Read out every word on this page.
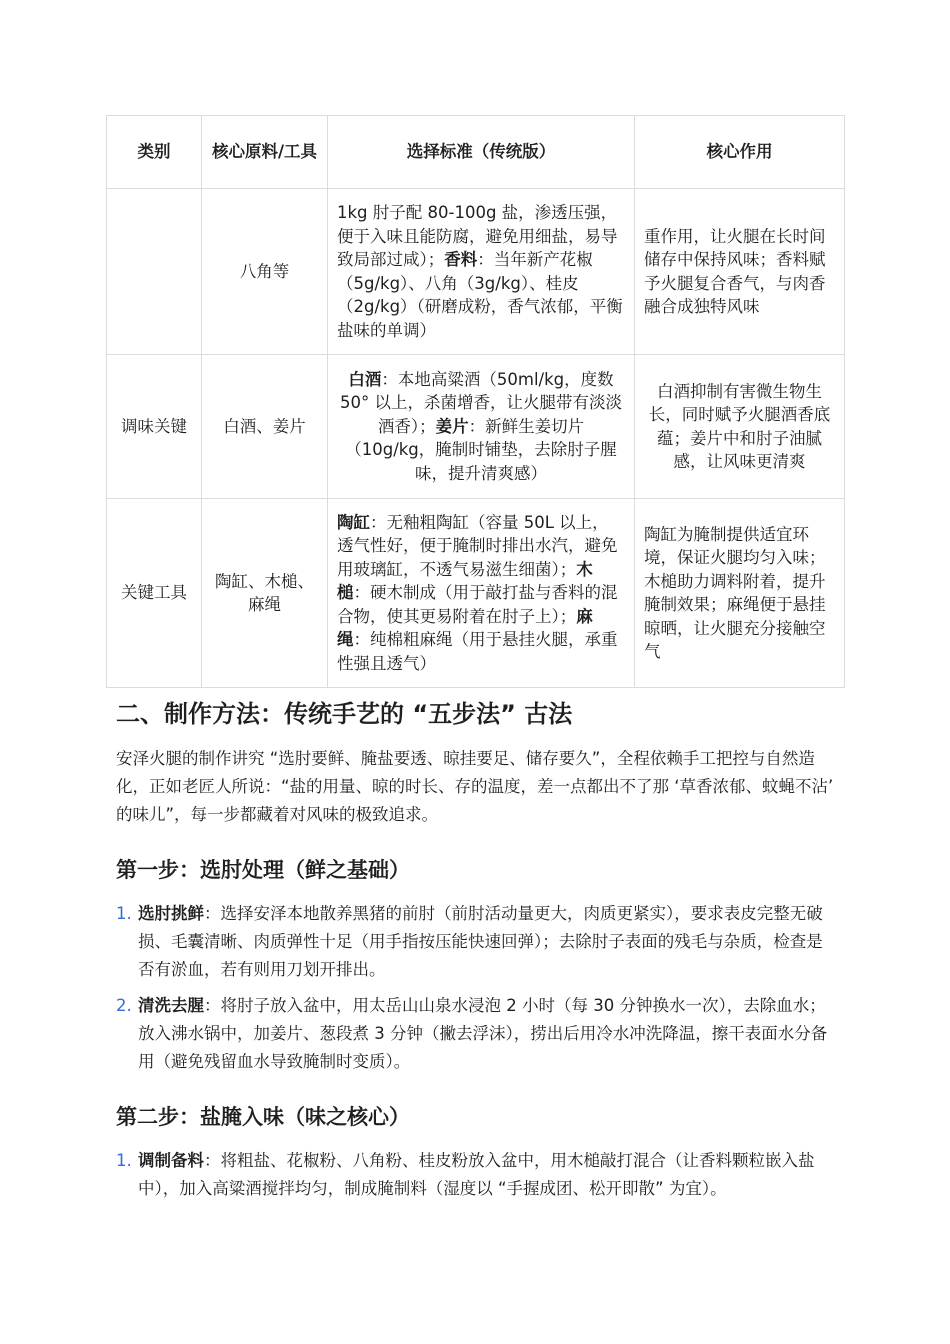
类别	核心原料/工具	选择标准（传统版）	核心作用
	八角等	1kg 肘子配 80-100g 盐，渗透压强，便于入味且能防腐，避免用细盐，易导致局部过咸）；香料：当年新产花椒（5g/kg）、八角（3g/kg）、桂皮（2g/kg）（研磨成粉，香气浓郁，平衡盐味的单调）	重作用，让火腿在长时间储存中保持风味；香料赋予火腿复合香气，与肉香融合成独特风味
调味关键	白酒、姜片	白酒：本地高粱酒（50ml/kg，度数 50° 以上，杀菌增香，让火腿带有淡淡酒香）；姜片：新鲜生姜切片（10g/kg，腌制时铺垫，去除肘子腥味，提升清爽感）	白酒抑制有害微生物生长，同时赋予火腿酒香底蕴；姜片中和肘子油腻感，让风味更清爽
关键工具	陶缸、木槌、麻绳	陶缸：无釉粗陶缸（容量 50L 以上，透气性好，便于腌制时排出水汽，避免用玻璃缸，不透气易滋生细菌）；木槌：硬木制成（用于敲打盐与香料的混合物，使其更易附着在肘子上）；麻绳：纯棉粗麻绳（用于悬挂火腿，承重性强且透气）	陶缸为腌制提供适宜环境，保证火腿均匀入味；木槌助力调料附着，提升腌制效果；麻绳便于悬挂晾晒，让火腿充分接触空气
二、制作方法：传统手艺的 “五步法” 古法

安泽火腿的制作讲究 “选肘要鲜、腌盐要透、晾挂要足、储存要久”，全程依赖手工把控与自然造化，正如老匠人所说：“盐的用量、晾的时长、存的温度，差一点都出不了那 ‘草香浓郁、蚊蝇不沾’ 的味儿”，每一步都藏着对风味的极致追求。

第一步：选肘处理（鲜之基础）
1. 选肘挑鲜：选择安泽本地散养黑猪的前肘（前肘活动量更大，肉质更紧实），要求表皮完整无破损、毛囊清晰、肉质弹性十足（用手指按压能快速回弹）；去除肘子表面的残毛与杂质，检查是否有淤血，若有则用刀划开排出。
2. 清洗去腥：将肘子放入盆中，用太岳山山泉水浸泡 2 小时（每 30 分钟换水一次），去除血水；放入沸水锅中，加姜片、葱段煮 3 分钟（撇去浮沫），捞出后用冷水冲洗降温，擦干表面水分备用（避免残留血水导致腌制时变质）。
第二步：盐腌入味（味之核心）
1. 调制备料：将粗盐、花椒粉、八角粉、桂皮粉放入盆中，用木槌敲打混合（让香料颗粒嵌入盐中），加入高粱酒搅拌均匀，制成腌制料（湿度以 “手握成团、松开即散” 为宜）。
